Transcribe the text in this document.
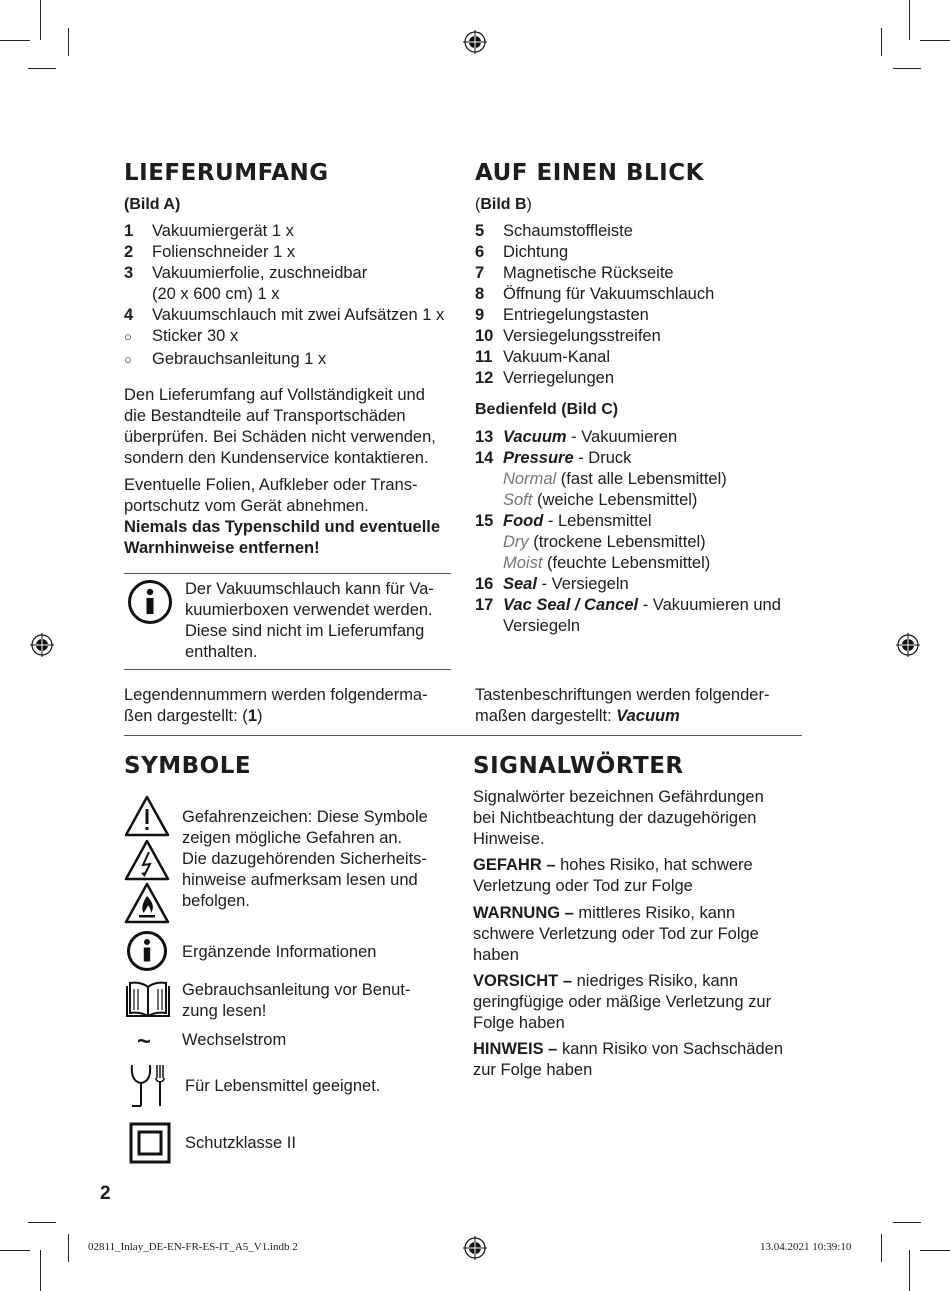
LIEFERUMFANG
(Bild A)
1	Vakuumiergerät 1 x
2	Folienschneider 1 x
3	Vakuumierfolie, zuschneidbar
(20 x 600 cm) 1 x
4	Vakuumschlauch mit zwei Aufsätzen 1 x
○	Sticker 30 x
○	Gebrauchsanleitung 1 x
Den Lieferumfang auf Vollständigkeit und
die Bestandteile auf Transportschäden
überprüfen. Bei Schäden nicht verwenden,
sondern den Kundenservice kontaktieren.
Eventuelle Folien, Aufkleber oder Trans-
portschutz vom Gerät abnehmen.
Niemals das Typenschild und eventuelle
Warnhinweise entfernen!
Der Vakuumschlauch kann für Va-
kuumierboxen verwendet werden.
Diese sind nicht im Lieferumfang
enthalten.
Legendennummern werden folgenderma-
ßen dargestellt: (1)
AUF EINEN BLICK
(Bild B)
5	Schaumstoffleiste
6	Dichtung
7	Magnetische Rückseite
8	Öffnung für Vakuumschlauch
9	Entriegelungstasten
10 Versiegelungsstreifen
11 Vakuum-Kanal
12 Verriegelungen
Bedienfeld (Bild C)
13 Vacuum - Vakuumieren
14 Pressure - Druck
Normal (fast alle Lebensmittel)
Soft (weiche Lebensmittel)
15 Food - Lebensmittel
Dry (trockene Lebensmittel)
Moist (feuchte Lebensmittel)
16 Seal - Versiegeln
17 Vac Seal / Cancel - Vakuumieren und
Versiegeln
Tastenbeschriftungen werden folgender-
maßen dargestellt: Vacuum
SYMBOLE
Gefahrenzeichen: Diese Symbole
zeigen mögliche Gefahren an.
Die dazugehörenden Sicherheits-
hinweise aufmerksam lesen und
befolgen.
Ergänzende Informationen
Gebrauchsanleitung vor Benut-
zung lesen!
~ Wechselstrom
Für Lebensmittel geeignet.
Schutzklasse II
SIGNALWÖRTER
Signalwörter bezeichnen Gefährdungen
bei Nichtbeachtung der dazugehörigen
Hinweise.
GEFAHR – hohes Risiko, hat schwere
Verletzung oder Tod zur Folge
WARNUNG – mittleres Risiko, kann
schwere Verletzung oder Tod zur Folge
haben
VORSICHT – niedriges Risiko, kann
geringfügige oder mäßige Verletzung zur
Folge haben
HINWEIS – kann Risiko von Sachschäden
zur Folge haben
2
02811_Inlay_DE-EN-FR-ES-IT_A5_V1.indb 2	13.04.2021 10:39:10
